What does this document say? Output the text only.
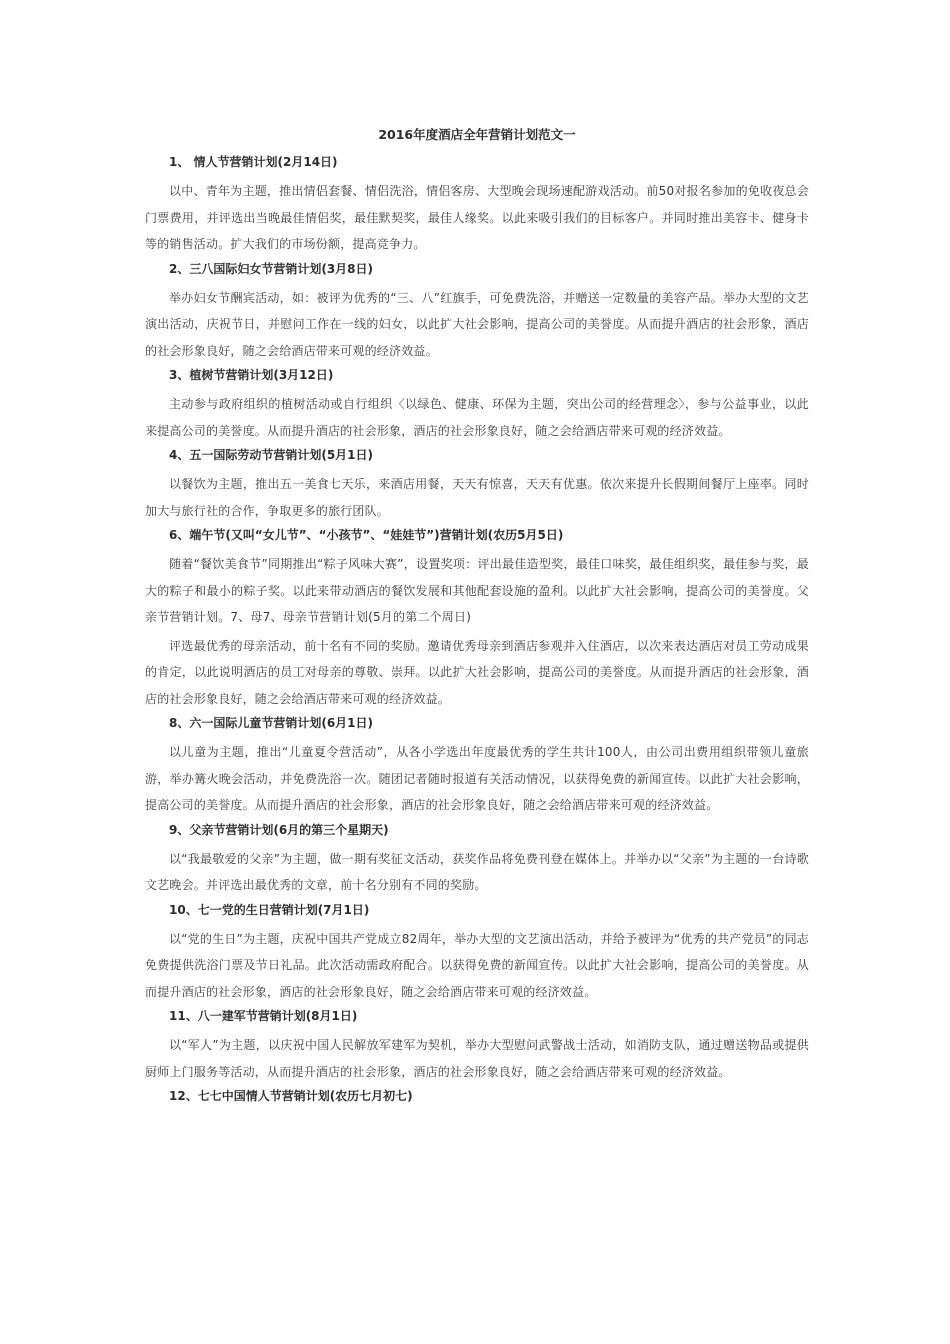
2016年度酒店全年营销计划范文一
1、 情人节营销计划(2月14日)

以中、青年为主题，推出情侣套餐、情侣洗浴，情侣客房、大型晚会现场速配游戏活动。前50对报名参加的免收夜总会门票费用，并评选出当晚最佳情侣奖，最佳默契奖，最佳人缘奖。以此来吸引我们的目标客户。并同时推出美容卡、健身卡等的销售活动。扩大我们的市场份额，提高竞争力。

2、三八国际妇女节营销计划(3月8日)

举办妇女节酬宾活动，如：被评为优秀的“三、八”红旗手，可免费洗浴，并赠送一定数量的美容产品。举办大型的文艺演出活动，庆祝节日，并慰问工作在一线的妇女，以此扩大社会影响，提高公司的美誉度。从而提升酒店的社会形象，酒店的社会形象良好，随之会给酒店带来可观的经济效益。

3、植树节营销计划(3月12日)

主动参与政府组织的植树活动或自行组织〈以绿色、健康、环保为主题，突出公司的经营理念〉，参与公益事业，以此来提高公司的美誉度。从而提升酒店的社会形象，酒店的社会形象良好，随之会给酒店带来可观的经济效益。

4、五一国际劳动节营销计划(5月1日)

以餐饮为主题，推出五一美食七天乐，来酒店用餐，天天有惊喜，天天有优惠。依次来提升长假期间餐厅上座率。同时加大与旅行社的合作，争取更多的旅行团队。

6、端午节(又叫“女儿节”、“小孩节”、“娃娃节”)营销计划(农历5月5日)

随着“餐饮美食节”同期推出“粽子风味大赛”，设置奖项：评出最佳造型奖，最佳口味奖，最佳组织奖，最佳参与奖，最大的粽子和最小的粽子奖。以此来带动酒店的餐饮发展和其他配套设施的盈利。以此扩大社会影响，提高公司的美誉度。父亲节营销计划。7、母7、母亲节营销计划(5月的第二个周日)

评选最优秀的母亲活动，前十名有不同的奖励。邀请优秀母亲到酒店参观并入住酒店，以次来表达酒店对员工劳动成果的肯定，以此说明酒店的员工对母亲的尊敬、崇拜。以此扩大社会影响，提高公司的美誉度。从而提升酒店的社会形象，酒店的社会形象良好，随之会给酒店带来可观的经济效益。

8、六一国际儿童节营销计划(6月1日)

以儿童为主题，推出“儿童夏令营活动”，从各小学选出年度最优秀的学生共计100人，由公司出费用组织带领儿童旅游，举办篝火晚会活动，并免费洗浴一次。随团记者随时报道有关活动情况，以获得免费的新闻宣传。以此扩大社会影响，提高公司的美誉度。从而提升酒店的社会形象，酒店的社会形象良好，随之会给酒店带来可观的经济效益。

9、父亲节营销计划(6月的第三个星期天)

以“我最敬爱的父亲”为主题，做一期有奖征文活动，获奖作品将免费刊登在媒体上。并举办以“父亲”为主题的一台诗歌文艺晚会。并评选出最优秀的文章，前十名分别有不同的奖励。

10、七一党的生日营销计划(7月1日)

以“党的生日”为主题，庆祝中国共产党成立82周年，举办大型的文艺演出活动，并给予被评为“优秀的共产党员”的同志免费提供洗浴门票及节日礼品。此次活动需政府配合。以获得免费的新闻宣传。以此扩大社会影响，提高公司的美誉度。从而提升酒店的社会形象，酒店的社会形象良好，随之会给酒店带来可观的经济效益。

11、八一建军节营销计划(8月1日)

以“军人”为主题，以庆祝中国人民解放军建军为契机，举办大型慰问武警战士活动，如消防支队，通过赠送物品或提供厨师上门服务等活动，从而提升酒店的社会形象，酒店的社会形象良好，随之会给酒店带来可观的经济效益。

12、七七中国情人节营销计划(农历七月初七)
